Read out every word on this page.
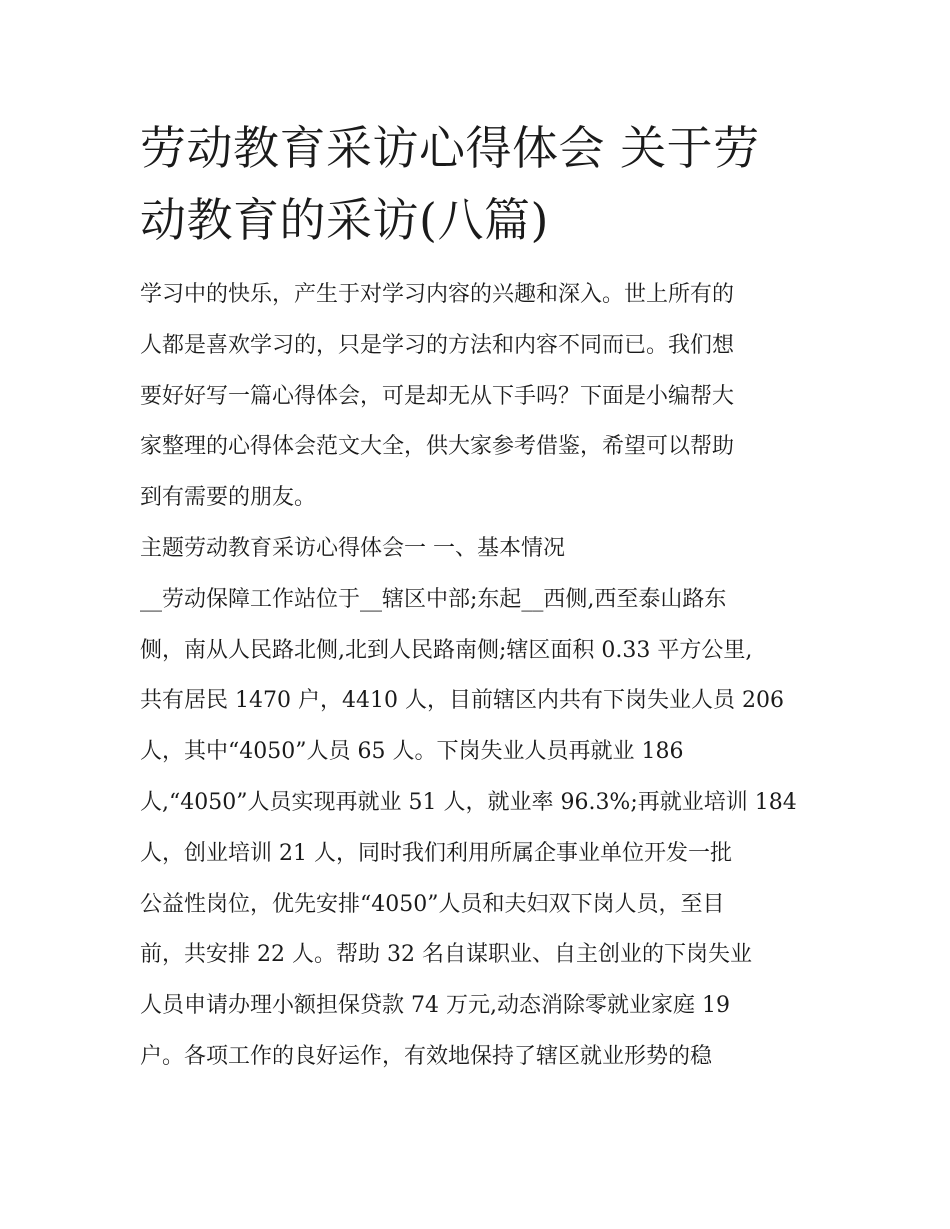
劳动教育采访心得体会 关于劳
动教育的采访(八篇)

学习中的快乐，产生于对学习内容的兴趣和深入。世上所有的
人都是喜欢学习的，只是学习的方法和内容不同而已。我们想
要好好写一篇心得体会，可是却无从下手吗？下面是小编帮大
家整理的心得体会范文大全，供大家参考借鉴，希望可以帮助
到有需要的朋友。

主题劳动教育采访心得体会一 一、基本情况

__劳动保障工作站位于__辖区中部;东起__西侧,西至泰山路东
侧，南从人民路北侧,北到人民路南侧;辖区面积 0.33 平方公里,
共有居民 1470 户，4410 人，目前辖区内共有下岗失业人员 206
人，其中“4050”人员 65 人。下岗失业人员再就业 186
人,“4050”人员实现再就业 51 人，就业率 96.3%;再就业培训 184
人，创业培训 21 人，同时我们利用所属企事业单位开发一批
公益性岗位，优先安排“4050”人员和夫妇双下岗人员，至目
前，共安排 22 人。帮助 32 名自谋职业、自主创业的下岗失业
人员申请办理小额担保贷款 74 万元,动态消除零就业家庭 19
户。各项工作的良好运作，有效地保持了辖区就业形势的稳
